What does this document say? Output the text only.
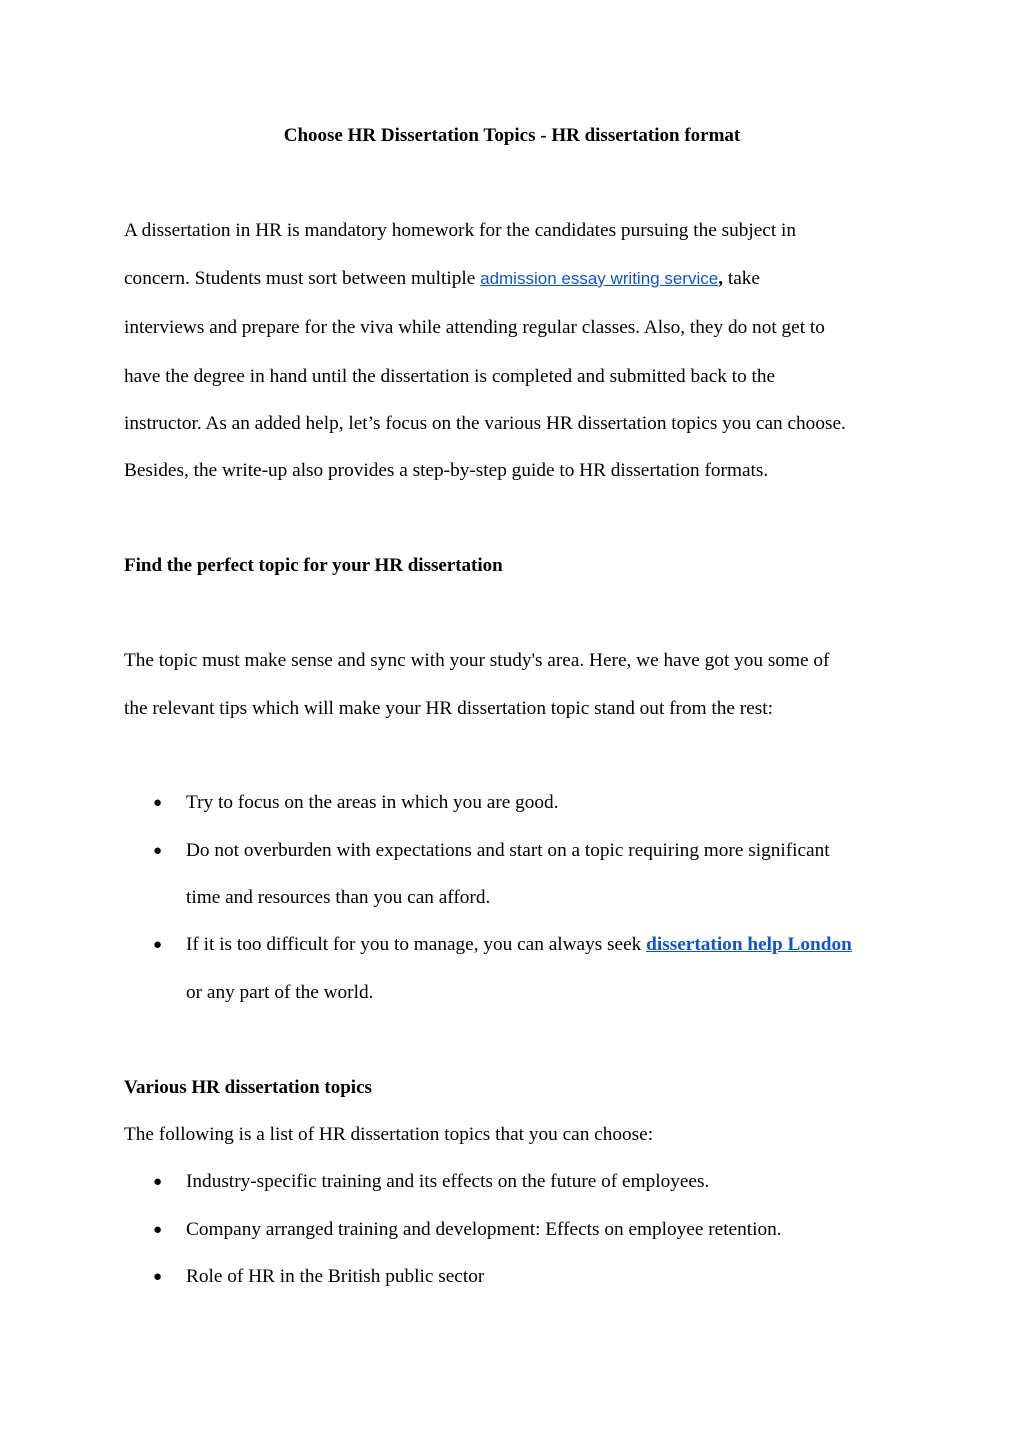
Choose HR Dissertation Topics - HR dissertation format
A dissertation in HR is mandatory homework for the candidates pursuing the subject in
concern. Students must sort between multiple admission essay writing service, take
interviews and prepare for the viva while attending regular classes. Also, they do not get to
have the degree in hand until the dissertation is completed and submitted back to the
instructor. As an added help, let’s focus on the various HR dissertation topics you can choose.
Besides, the write-up also provides a step-by-step guide to HR dissertation formats.
Find the perfect topic for your HR dissertation
The topic must make sense and sync with your study's area. Here, we have got you some of
the relevant tips which will make your HR dissertation topic stand out from the rest:
● Try to focus on the areas in which you are good.
● Do not overburden with expectations and start on a topic requiring more significant
time and resources than you can afford.
● If it is too difficult for you to manage, you can always seek dissertation help London
or any part of the world.
Various HR dissertation topics
The following is a list of HR dissertation topics that you can choose:
● Industry-specific training and its effects on the future of employees.
● Company arranged training and development: Effects on employee retention.
● Role of HR in the British public sector
